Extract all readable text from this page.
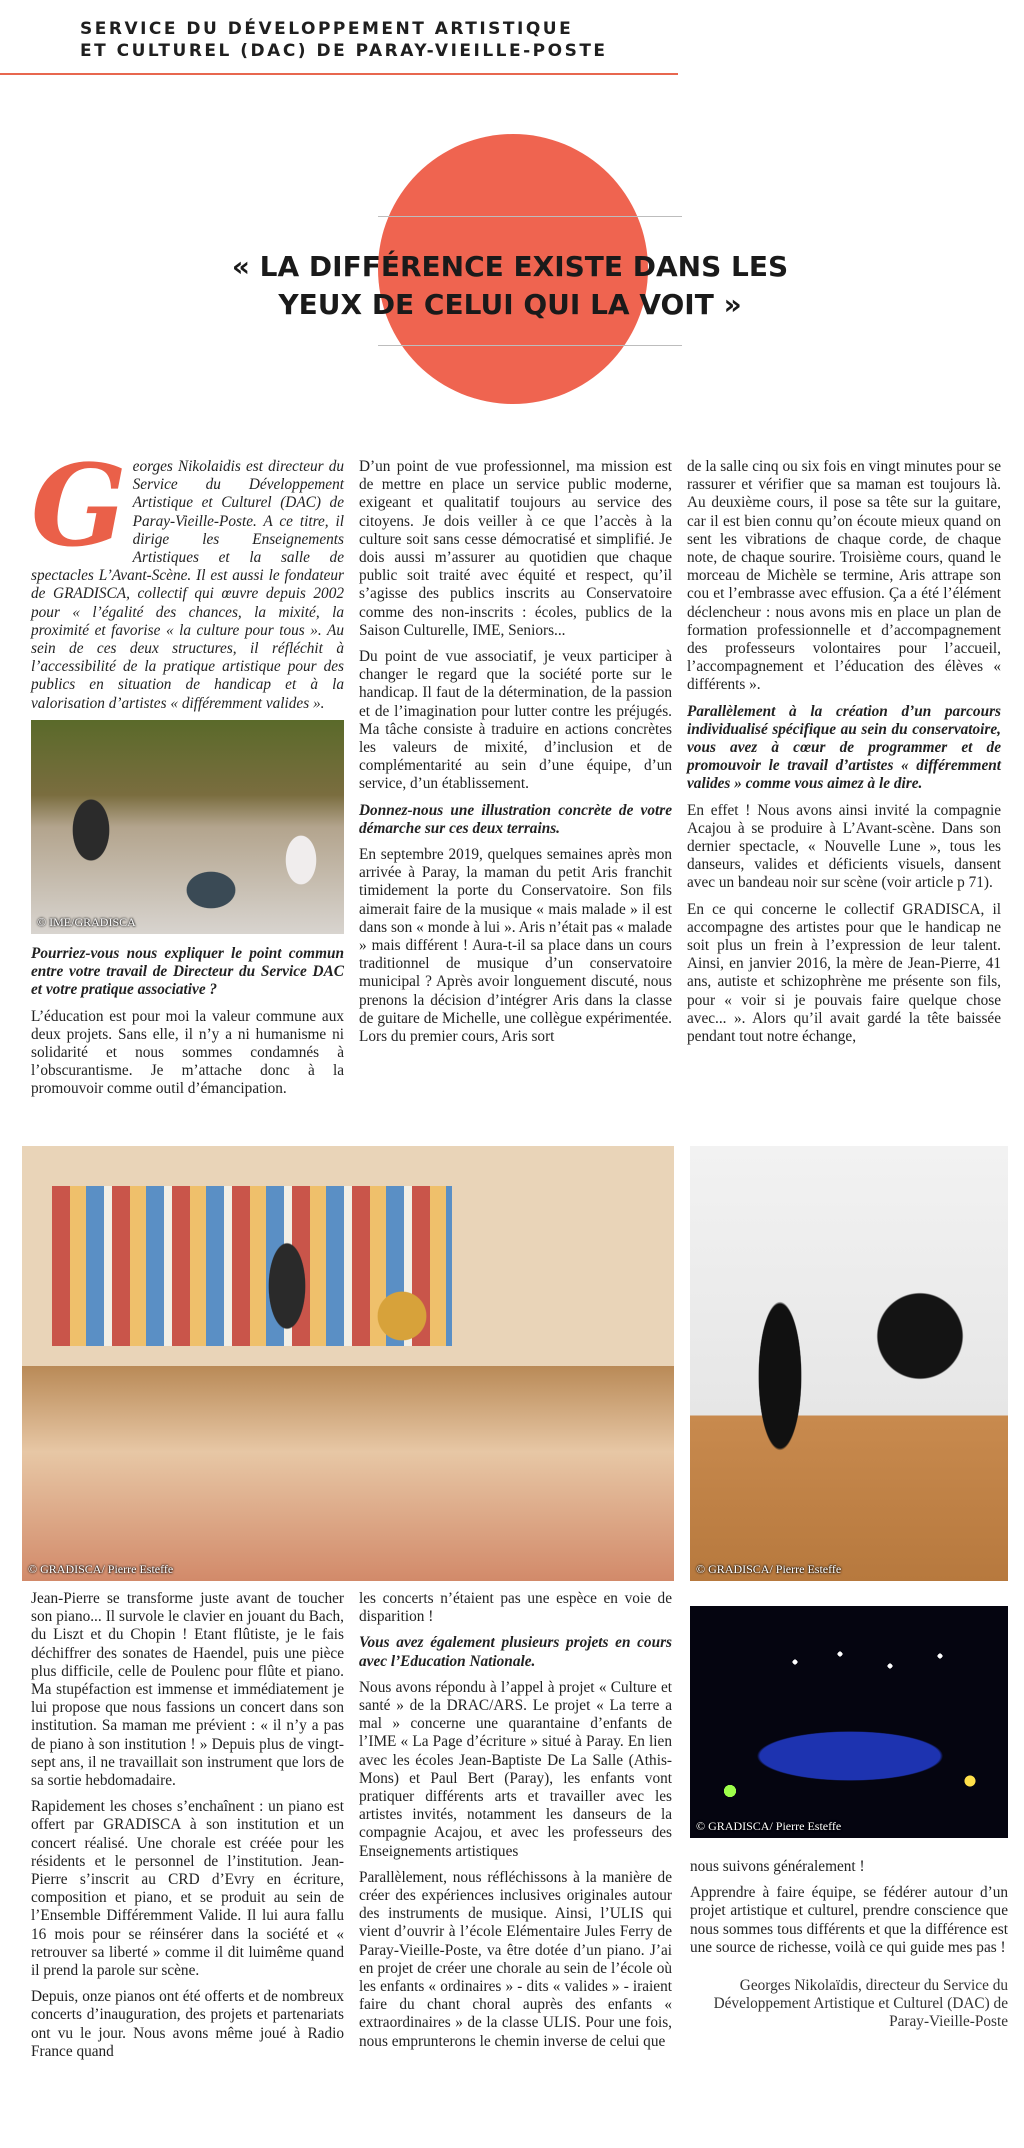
SERVICE DU DÉVELOPPEMENT ARTISTIQUE
ET CULTUREL (DAC) DE PARAY-VIEILLE-POSTE
« LA DIFFÉRENCE EXISTE DANS LES
YEUX DE CELUI QUI LA VOIT »

Georges Nikolaidis est directeur du Service du Développement Artistique et Culturel (DAC) de Paray-Vieille-Poste. A ce titre, il dirige les Enseignements Artistiques et la salle de spectacles L’Avant-Scène. Il est aussi le fondateur de GRADISCA, collectif qui œuvre depuis 2002 pour « l’égalité des chances, la mixité, la proximité et favorise « la culture pour tous ». Au sein de ces deux structures, il réfléchit à l’accessibilité de la pratique artistique pour des publics en situation de handicap et à la valorisation d’artistes « différemment valides ».

Pourriez-vous nous expliquer le point commun entre votre travail de Directeur du Service DAC et votre pratique associative ?

L’éducation est pour moi la valeur commune aux deux projets. Sans elle, il n’y a ni humanisme ni solidarité et nous sommes condamnés à l’obscurantisme. Je m’attache donc à la promouvoir comme outil d’émancipation.

D’un point de vue professionnel, ma mission est de mettre en place un service public moderne, exigeant et qualitatif toujours au service des citoyens. Je dois veiller à ce que l’accès à la culture soit sans cesse démocratisé et simplifié. Je dois aussi m’assurer au quotidien que chaque public soit traité avec équité et respect, qu’il s’agisse des publics inscrits au Conservatoire comme des non-inscrits : écoles, publics de la Saison Culturelle, IME, Seniors...

Du point de vue associatif, je veux participer à changer le regard que la société porte sur le handicap. Il faut de la détermination, de la passion et de l’imagination pour lutter contre les préjugés. Ma tâche consiste à traduire en actions concrètes les valeurs de mixité, d’inclusion et de complémentarité au sein d’une équipe, d’un service, d’un établissement.

Donnez-nous une illustration concrète de votre démarche sur ces deux terrains.

En septembre 2019, quelques semaines après mon arrivée à Paray, la maman du petit Aris franchit timidement la porte du Conservatoire. Son fils aimerait faire de la musique « mais malade » il est dans son « monde à lui ». Aris n’était pas « malade » mais différent ! Aura-t-il sa place dans un cours traditionnel de musique d’un conservatoire municipal ? Après avoir longuement discuté, nous prenons la décision d’intégrer Aris dans la classe de guitare de Michelle, une collègue expérimentée. Lors du premier cours, Aris sort

de la salle cinq ou six fois en vingt minutes pour se rassurer et vérifier que sa maman est toujours là. Au deuxième cours, il pose sa tête sur la guitare, car il est bien connu qu’on écoute mieux quand on sent les vibrations de chaque corde, de chaque note, de chaque sourire. Troisième cours, quand le morceau de Michèle se termine, Aris attrape son cou et l’embrasse avec effusion. Ça a été l’élément déclencheur : nous avons mis en place un plan de formation professionnelle et d’accompagnement des professeurs volontaires pour l’accueil, l’accompagnement et l’éducation des élèves « différents ».

Parallèlement à la création d’un parcours individualisé spécifique au sein du conservatoire, vous avez à cœur de programmer et de promouvoir le travail d’artistes « différemment valides » comme vous aimez à le dire.

En effet ! Nous avons ainsi invité la compagnie Acajou à se produire à L’Avant-scène. Dans son dernier spectacle, « Nouvelle Lune », tous les danseurs, valides et déficients visuels, dansent avec un bandeau noir sur scène (voir article p 71).

En ce qui concerne le collectif GRADISCA, il accompagne des artistes pour que le handicap ne soit plus un frein à l’expression de leur talent. Ainsi, en janvier 2016, la mère de Jean-Pierre, 41 ans, autiste et schizophrène me présente son fils, pour « voir si je pouvais faire quelque chose avec... ». Alors qu’il avait gardé la tête baissée pendant tout notre échange,

© IME/GRADISCA
© GRADISCA/ Pierre Esteffe	© GRADISCA/ Pierre Esteffe
© GRADISCA/ Pierre Esteffe

Jean-Pierre se transforme juste avant de toucher son piano... Il survole le clavier en jouant du Bach, du Liszt et du Chopin ! Etant flûtiste, je le fais déchiffrer des sonates de Haendel, puis une pièce plus difficile, celle de Poulenc pour flûte et piano. Ma stupéfaction est immense et immédiatement je lui propose que nous fassions un concert dans son institution. Sa maman me prévient : « il n’y a pas de piano à son institution ! » Depuis plus de vingt-sept ans, il ne travaillait son instrument que lors de sa sortie hebdomadaire.

Rapidement les choses s’enchaînent : un piano est offert par GRADISCA à son institution et un concert réalisé. Une chorale est créée pour les résidents et le personnel de l’institution. Jean-Pierre s’inscrit au CRD d’Evry en écriture, composition et piano, et se produit au sein de l’Ensemble Différemment Valide. Il lui aura fallu 16 mois pour se réinsérer dans la société et « retrouver sa liberté » comme il dit luimême quand il prend la parole sur scène.

Depuis, onze pianos ont été offerts et de nombreux concerts d’inauguration, des projets et partenariats ont vu le jour. Nous avons même joué à Radio France quand

les concerts n’étaient pas une espèce en voie de disparition !

Vous avez également plusieurs projets en cours avec l’Education Nationale.

Nous avons répondu à l’appel à projet « Culture et santé » de la DRAC/ARS. Le projet « La terre a mal » concerne une quarantaine d’enfants de l’IME « La Page d’écriture » situé à Paray. En lien avec les écoles Jean-Baptiste De La Salle (Athis-Mons) et Paul Bert (Paray), les enfants vont pratiquer différents arts et travailler avec les artistes invités, notamment les danseurs de la compagnie Acajou, et avec les professeurs des Enseignements artistiques

Parallèlement, nous réfléchissons à la manière de créer des expériences inclusives originales autour des instruments de musique. Ainsi, l’ULIS qui vient d’ouvrir à l’école Elémentaire Jules Ferry de Paray-Vieille-Poste, va être dotée d’un piano. J’ai en projet de créer une chorale au sein de l’école où les enfants « ordinaires » - dits « valides » - iraient faire du chant choral auprès des enfants « extraordinaires » de la classe ULIS. Pour une fois, nous emprunterons le chemin inverse de celui que

nous suivons généralement !

Apprendre à faire équipe, se fédérer autour d’un projet artistique et culturel, prendre conscience que nous sommes tous différents et que la différence est une source de richesse, voilà ce qui guide mes pas !

Georges Nikolaïdis, directeur du Service du Développement Artistique et Culturel (DAC) de Paray-Vieille-Poste
